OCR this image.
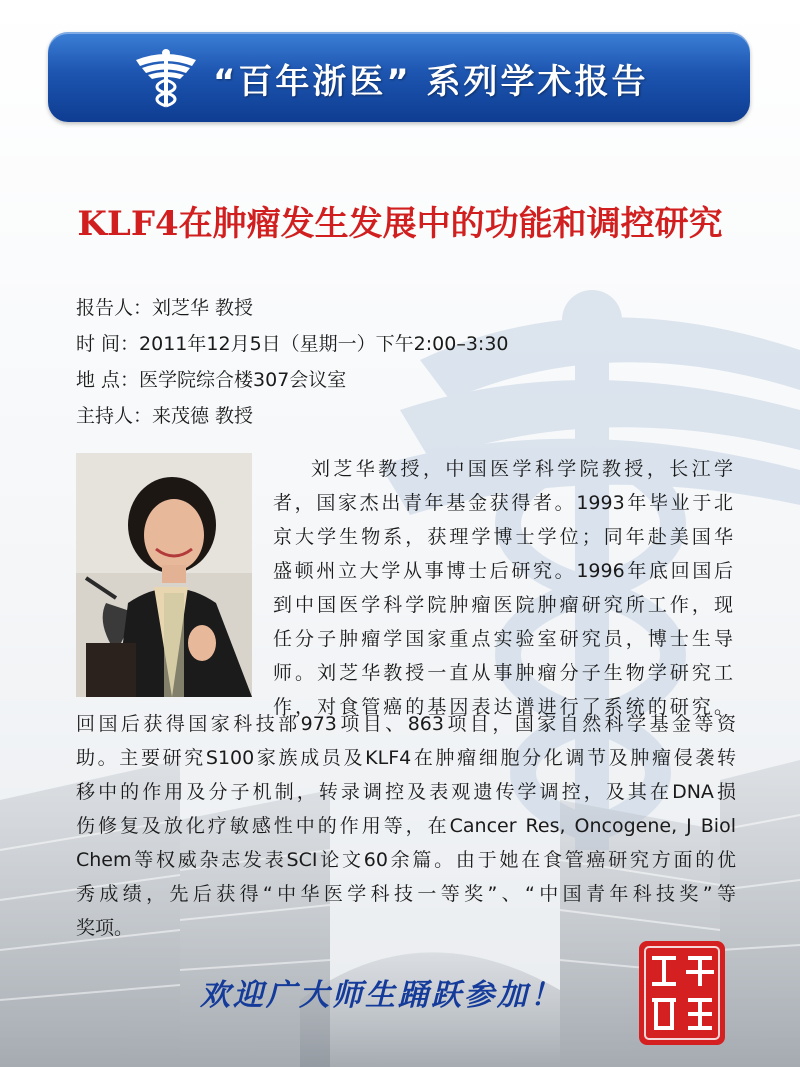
“百年浙医” 系列学术报告
KLF4在肿瘤发生发展中的功能和调控研究
报告人：刘芝华 教授
时 间：2011年12月5日（星期一）下午2:00–3:30
地 点：医学院综合楼307会议室
主持人：来茂德 教授
刘芝华教授，中国医学科学院教授，长江学
者，国家杰出青年基金获得者。1993年毕业于北
京大学生物系，获理学博士学位；同年赴美国华
盛顿州立大学从事博士后研究。1996年底回国后
到中国医学科学院肿瘤医院肿瘤研究所工作，现
任分子肿瘤学国家重点实验室研究员，博士生导
师。刘芝华教授一直从事肿瘤分子生物学研究工
作，对食管癌的基因表达谱进行了系统的研究。
回国后获得国家科技部973项目、863项目，国家自然科学基金等资
助。主要研究S100家族成员及KLF4在肿瘤细胞分化调节及肿瘤侵袭转
移中的作用及分子机制，转录调控及表观遗传学调控，及其在DNA损
伤修复及放化疗敏感性中的作用等，在Cancer Res, Oncogene, J Biol
Chem等权威杂志发表SCI论文60余篇。由于她在食管癌研究方面的优
秀成绩，先后获得“中华医学科技一等奖”、“中国青年科技奖”等
奖项。
欢迎广大师生踊跃参加！
